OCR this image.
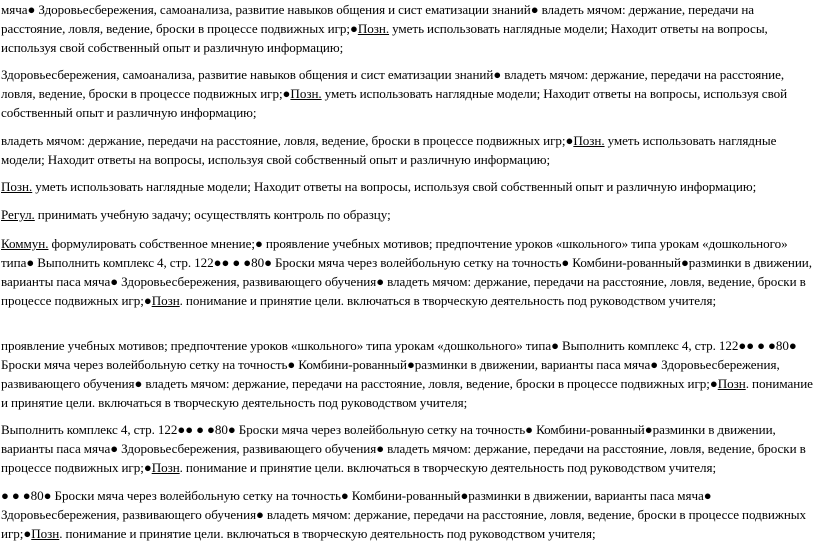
мяча● Здоровьесбережения, самоанализа, развитие навыков общения и сист ематизации знаний● владеть мячом: держание, передачи на расстояние, ловля, ведение, броски в процессе подвижных игр;●Позн. уметь использовать наглядные модели; Находит ответы на вопросы, используя свой собственный опыт и различную информацию;

Здоровьесбережения, самоанализа, развитие навыков общения и сист ематизации знаний● владеть мячом: держание, передачи на расстояние, ловля, ведение, броски в процессе подвижных игр;●Позн. уметь использовать наглядные модели; Находит ответы на вопросы, используя свой собственный опыт и различную информацию;

владеть мячом: держание, передачи на расстояние, ловля, ведение, броски в процессе подвижных игр;●Позн. уметь использовать наглядные модели; Находит ответы на вопросы, используя свой собственный опыт и различную информацию;

Позн. уметь использовать наглядные модели; Находит ответы на вопросы, используя свой собственный опыт и различную информацию;

Регул. принимать учебную задачу; осуществлять контроль по образцу;

Коммун. формулировать собственное мнение;● проявление учебных мотивов; предпочтение уроков «школьного» типа урокам «дошкольного» типа● Выполнить комплекс 4, стр. 122●● ● ●80● Броски мяча через волейбольную сетку на точность● Комбини-рованный●разминки в движении, варианты паса мяча● Здоровьесбережения, развивающего обучения● владеть мячом: держание, передачи на расстояние, ловля, ведение, броски в процессе подвижных игр;●Позн. понимание и принятие цели. включаться в творческую деятельность под руководством учителя;

проявление учебных мотивов; предпочтение уроков «школьного» типа урокам «дошкольного» типа● Выполнить комплекс 4, стр. 122●● ● ●80● Броски мяча через волейбольную сетку на точность● Комбини-рованный●разминки в движении, варианты паса мяча● Здоровьесбережения, развивающего обучения● владеть мячом: держание, передачи на расстояние, ловля, ведение, броски в процессе подвижных игр;●Позн. понимание и принятие цели. включаться в творческую деятельность под руководством учителя;

Выполнить комплекс 4, стр. 122●● ● ●80● Броски мяча через волейбольную сетку на точность● Комбини-рованный●разминки в движении, варианты паса мяча● Здоровьесбережения, развивающего обучения● владеть мячом: держание, передачи на расстояние, ловля, ведение, броски в процессе подвижных игр;●Позн. понимание и принятие цели. включаться в творческую деятельность под руководством учителя;

● ● ●80● Броски мяча через волейбольную сетку на точность● Комбини-рованный●разминки в движении, варианты паса мяча● Здоровьесбережения, развивающего обучения● владеть мячом: держание, передачи на расстояние, ловля, ведение, броски в процессе подвижных игр;●Позн. понимание и принятие цели. включаться в творческую деятельность под руководством учителя;
